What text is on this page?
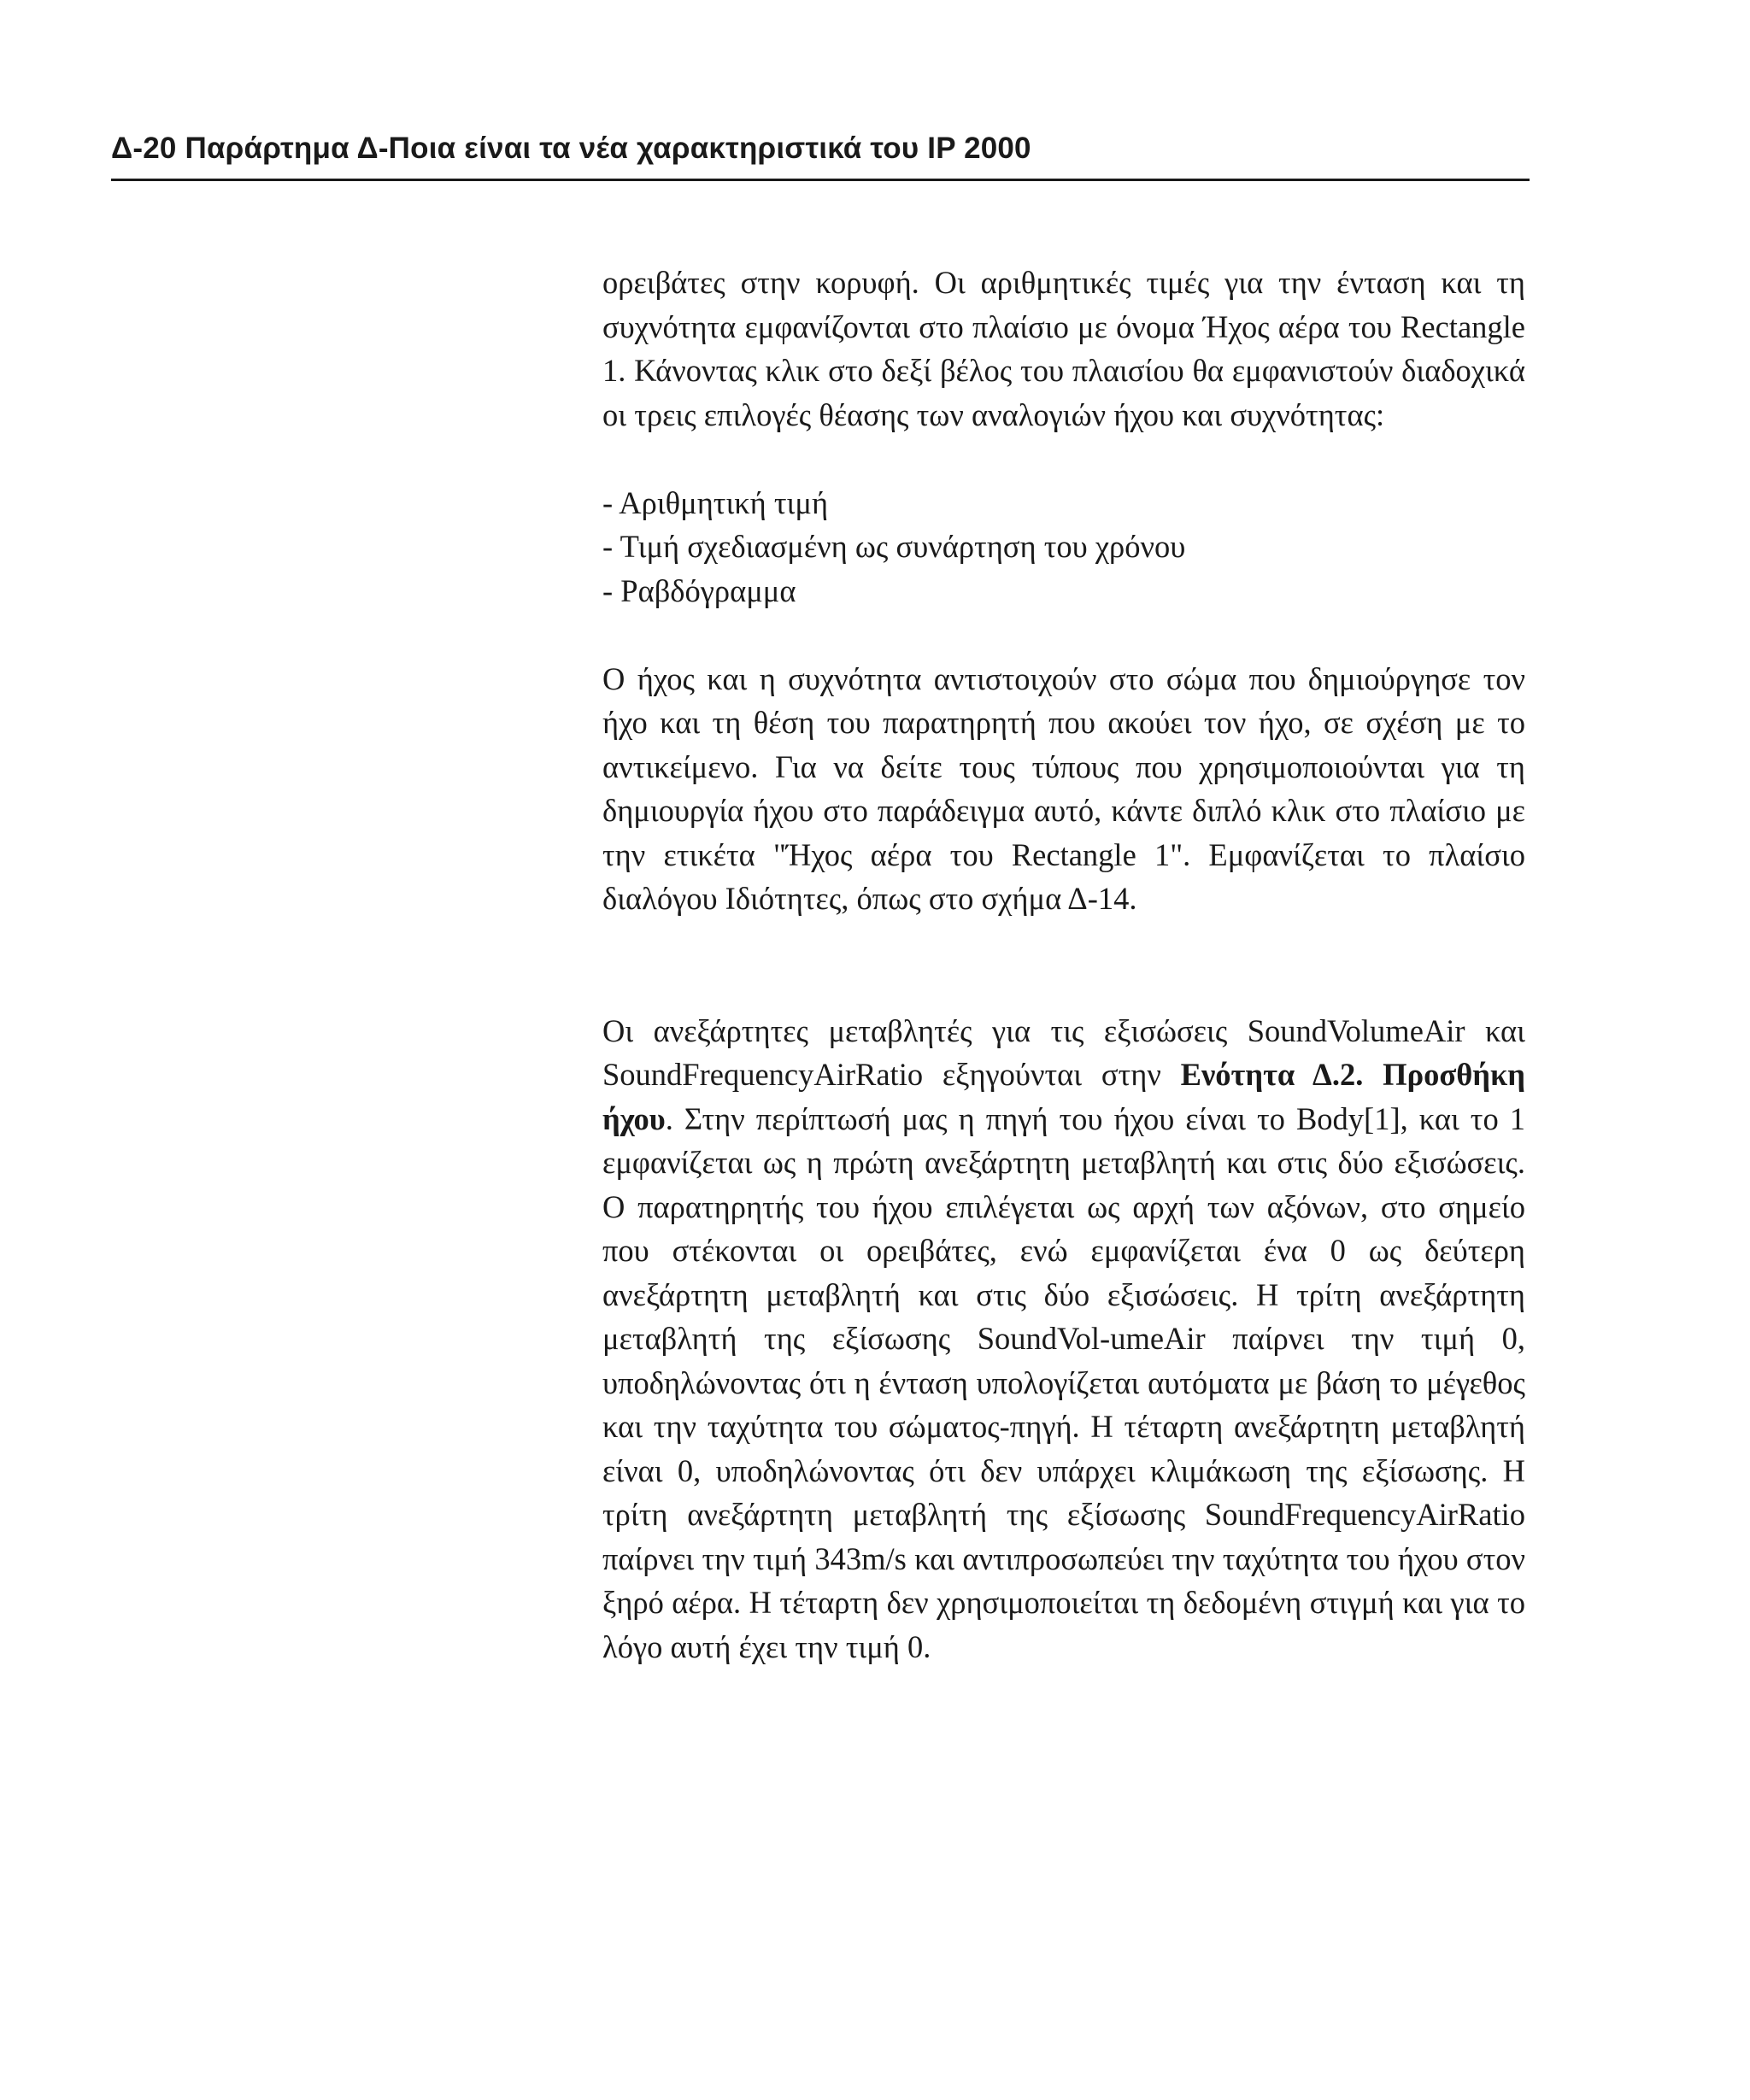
Δ-20 Παράρτημα Δ-Ποια είναι τα νέα χαρακτηριστικά του IP 2000

ορειβάτες στην κορυφή. Οι αριθμητικές τιμές για την ένταση και τη συχνότητα εμφανίζονται στο πλαίσιο με όνομα Ήχος αέρα του Rectangle 1. Κάνοντας κλικ στο δεξί βέλος του πλαισίου θα εμφανιστούν διαδοχικά οι τρεις επιλογές θέασης των αναλογιών ήχου και συχνότητας:

- Αριθμητική τιμή
- Τιμή σχεδιασμένη ως συνάρτηση του χρόνου
- Ραβδόγραμμα

Ο ήχος και η συχνότητα αντιστοιχούν στο σώμα που δημιούργησε τον ήχο και τη θέση του παρατηρητή που ακούει τον ήχο, σε σχέση με το αντικείμενο. Για να δείτε τους τύπους που χρησιμοποιούνται για τη δημιουργία ήχου στο παράδειγμα αυτό, κάντε διπλό κλικ στο πλαίσιο με την ετικέτα "Ήχος αέρα του Rectangle 1". Εμφανίζεται το πλαίσιο διαλόγου Ιδιότητες, όπως στο σχήμα Δ-14.

Οι ανεξάρτητες μεταβλητές για τις εξισώσεις SoundVolumeAir και SoundFrequencyAirRatio εξηγούνται στην Ενότητα Δ.2. Προσθήκη ήχου. Στην περίπτωσή μας η πηγή του ήχου είναι το Body[1], και το 1 εμφανίζεται ως η πρώτη ανεξάρτητη μεταβλητή και στις δύο εξισώσεις. Ο παρατηρητής του ήχου επιλέγεται ως αρχή των αξόνων, στο σημείο που στέκονται οι ορειβάτες, ενώ εμφανίζεται ένα 0 ως δεύτερη ανεξάρτητη μεταβλητή και στις δύο εξισώσεις. Η τρίτη ανεξάρτητη μεταβλητή της εξίσωσης SoundVol-umeAir παίρνει την τιμή 0, υποδηλώνοντας ότι η ένταση υπολογίζεται αυτόματα με βάση το μέγεθος και την ταχύτητα του σώματος-πηγή. Η τέταρτη ανεξάρτητη μεταβλητή είναι 0, υποδηλώνοντας ότι δεν υπάρχει κλιμάκωση της εξίσωσης. Η τρίτη ανεξάρτητη μεταβλητή της εξίσωσης SoundFrequencyAirRatio παίρνει την τιμή 343m/s και αντιπροσωπεύει την ταχύτητα του ήχου στον ξηρό αέρα. Η τέταρτη δεν χρησιμοποιείται τη δεδομένη στιγμή και για το λόγο αυτή έχει την τιμή 0.
